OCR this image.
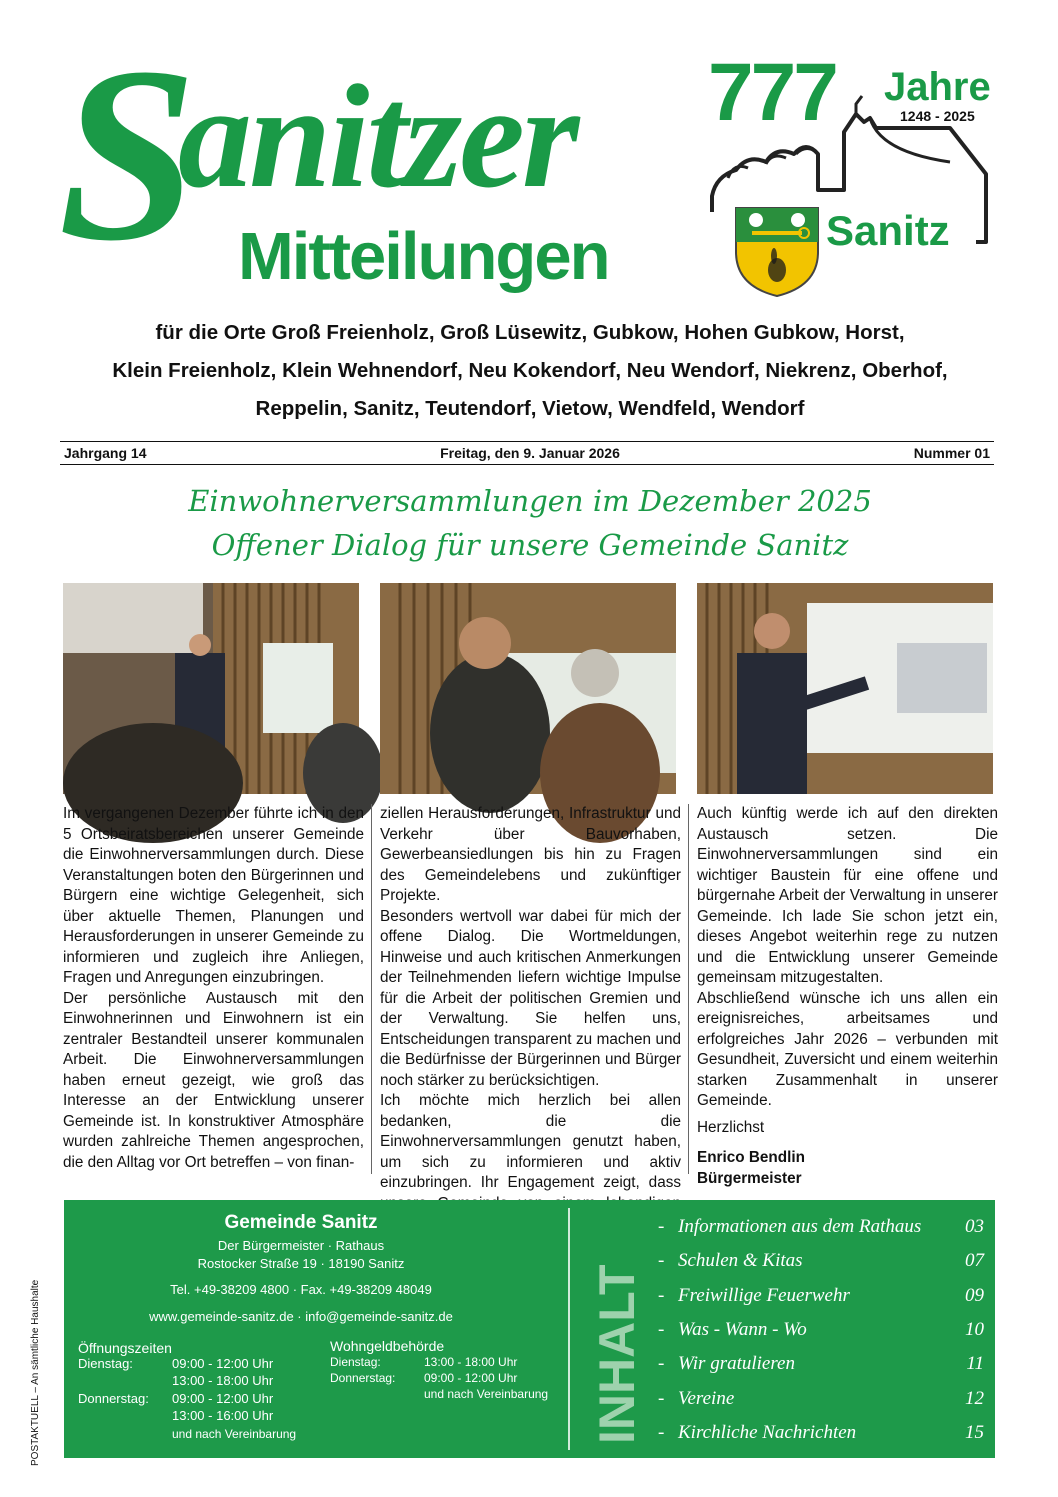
S
anitzer
Mitteilungen
777 Jahre
1248 - 2025
Sanitz
für die Orte Groß Freienholz, Groß Lüsewitz, Gubkow, Hohen Gubkow, Horst,
Klein Freienholz, Klein Wehnendorf, Neu Kokendorf, Neu Wendorf, Niekrenz, Oberhof,
Reppelin, Sanitz, Teutendorf, Vietow, Wendfeld, Wendorf
Jahrgang 14	Freitag, den 9. Januar 2026	Nummer 01
Einwohnerversammlungen im Dezember 2025
Offener Dialog für unsere Gemeinde Sanitz

Im vergangenen Dezember führte ich in den 5 Ortsbeiratsbereichen unserer Gemeinde die Einwohnerversammlungen durch. Diese Veranstaltungen boten den Bürgerinnen und Bürgern eine wichtige Gelegenheit, sich über aktuelle Themen, Planungen und Herausforderungen in unserer Gemeinde zu informieren und zugleich ihre Anliegen, Fragen und Anregungen einzubringen.

Der persönliche Austausch mit den Einwohnerinnen und Einwohnern ist ein zentraler Bestandteil unserer kommunalen Arbeit. Die Einwohnerversammlungen haben erneut gezeigt, wie groß das Interesse an der Entwicklung unserer Gemeinde ist. In konstruktiver Atmosphäre wurden zahlreiche Themen angesprochen, die den Alltag vor Ort betreffen – von finan-

ziellen Herausforderungen, Infrastruktur und Verkehr über Bauvorhaben, Gewerbeansiedlungen bis hin zu Fragen des Gemeindelebens und zukünftiger Projekte.

Besonders wertvoll war dabei für mich der offene Dialog. Die Wortmeldungen, Hinweise und auch kritischen Anmerkungen der Teilnehmenden liefern wichtige Impulse für die Arbeit der politischen Gremien und der Verwaltung. Sie helfen uns, Entscheidungen transparent zu machen und die Bedürfnisse der Bürgerinnen und Bürger noch stärker zu berücksichtigen.

Ich möchte mich herzlich bei allen bedanken, die die Einwohnerversammlungen genutzt haben, um sich zu informieren und aktiv einzubringen. Ihr Engagement zeigt, dass

Auch künftig werde ich auf den direkten Austausch setzen. Die Einwohnerversammlungen sind ein wichtiger Baustein für eine offene und bürgernahe Arbeit der Verwaltung in unserer Gemeinde. Ich lade Sie schon jetzt ein, dieses Angebot weiterhin rege zu nutzen und die Entwicklung unserer Gemeinde gemeinsam mitzugestalten.

Abschließend wünsche ich uns allen ein ereignisreiches, arbeitsames und erfolgreiches Jahr 2026 – verbunden mit Gesundheit, Zuversicht und einem weiterhin starken Zusammenhalt in unserer Gemeinde.

Herzlichst

Enrico Bendlin

Bürgermeister

Gemeinde Sanitz
Der Bürgermeister · Rathaus
Rostocker Straße 19 · 18190 Sanitz
Tel. +49-38209 4800 · Fax. +49-38209 48049
www.gemeinde-sanitz.de · info@gemeinde-sanitz.de
Öffnungszeiten
Dienstag:	09:00 - 12:00 Uhr
13:00 - 18:00 Uhr
Donnerstag: 09:00 - 12:00 Uhr
13:00 - 16:00 Uhr
und nach Vereinbarung
Wohngeldbehörde
Dienstag:	13:00 - 18:00 Uhr
Donnerstag: 09:00 - 12:00 Uhr
und nach Vereinbarung INHALT
- Informationen aus dem Rathaus 03
- Schulen & Kitas	07
- Freiwillige Feuerwehr	09
- Was - Wann - Wo	10
- Wir gratulieren	11
- Vereine	12
- Kirchliche Nachrichten	15
POSTAKTUELL – An sämtliche Haushalte
